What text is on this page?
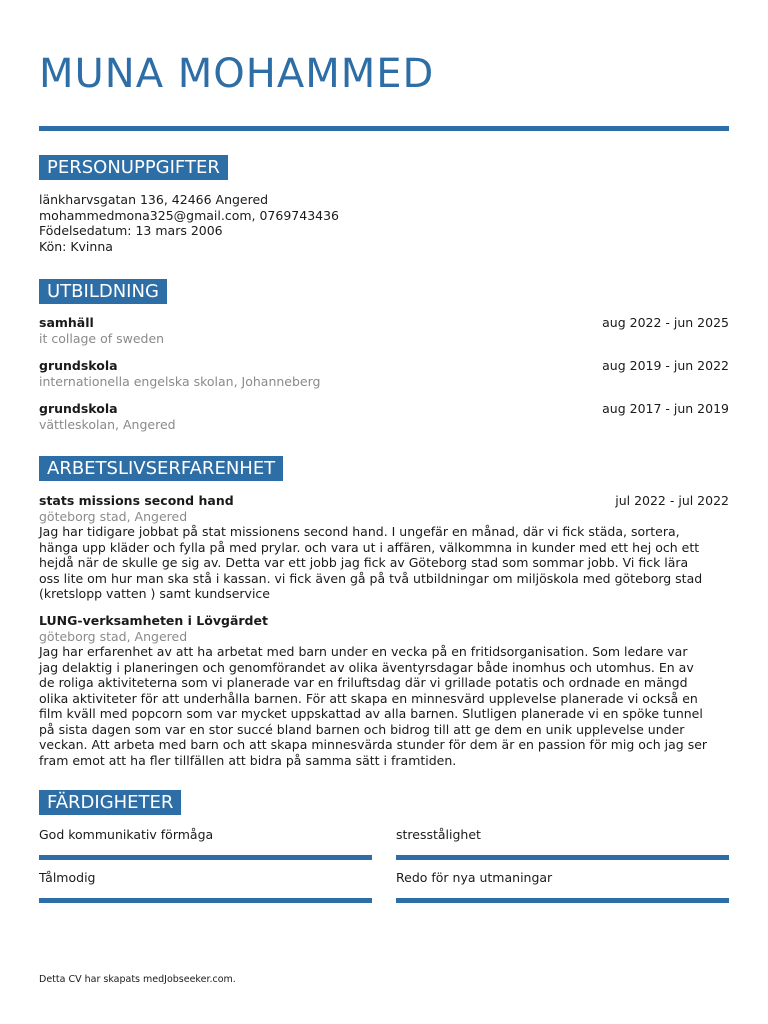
MUNA MOHAMMED
PERSONUPPGIFTER
länkharvsgatan 136, 42466 Angered
mohammedmona325@gmail.com, 0769743436
Födelsedatum: 13 mars 2006
Kön: Kvinna
UTBILDNING
samhäll	aug 2022 - jun 2025
it collage of sweden
grundskola	aug 2019 - jun 2022
internationella engelska skolan, Johanneberg
grundskola	aug 2017 - jun 2019
vättleskolan, Angered
ARBETSLIVSERFARENHET
stats missions second hand	jul 2022 - jul 2022
göteborg stad, Angered
Jag har tidigare jobbat på stat missionens second hand. I ungefär en månad, där vi fick städa, sortera,
hänga upp kläder och fylla på med prylar. och vara ut i affären, välkommna in kunder med ett hej och ett
hejdå när de skulle ge sig av. Detta var ett jobb jag fick av Göteborg stad som sommar jobb. Vi fick lära
oss lite om hur man ska stå i kassan. vi fick även gå på två utbildningar om miljöskola med göteborg stad
(kretslopp vatten ) samt kundservice
LUNG-verksamheten i Lövgärdet
göteborg stad, Angered
Jag har erfarenhet av att ha arbetat med barn under en vecka på en fritidsorganisation. Som ledare var
jag delaktig i planeringen och genomförandet av olika äventyrsdagar både inomhus och utomhus. En av
de roliga aktiviteterna som vi planerade var en friluftsdag där vi grillade potatis och ordnade en mängd
olika aktiviteter för att underhålla barnen. För att skapa en minnesvärd upplevelse planerade vi också en
film kväll med popcorn som var mycket uppskattad av alla barnen. Slutligen planerade vi en spöke tunnel
på sista dagen som var en stor succé bland barnen och bidrog till att ge dem en unik upplevelse under
veckan. Att arbeta med barn och att skapa minnesvärda stunder för dem är en passion för mig och jag ser
fram emot att ha fler tillfällen att bidra på samma sätt i framtiden.
FÄRDIGHETER
God kommunikativ förmåga	stresstålighet
Tålmodig	Redo för nya utmaningar
Detta CV har skapats medJobseeker.com.
